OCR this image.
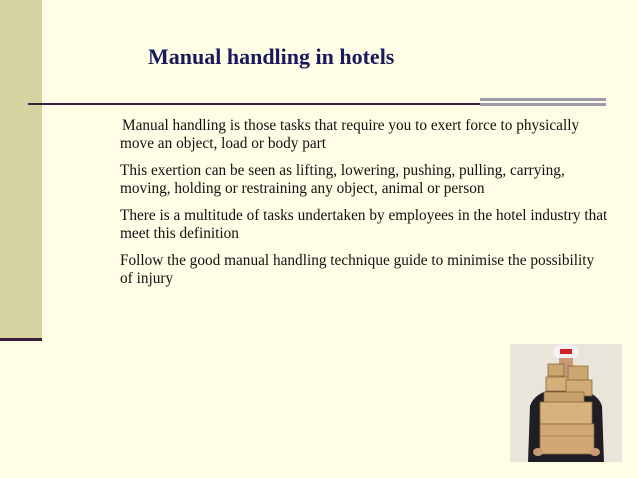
Manual handling in hotels

Manual handling is those tasks that require you to exert force to physically move an object, load or body part

This exertion can be seen as lifting, lowering, pushing, pulling, carrying, moving, holding or restraining any object, animal or person

There is a multitude of tasks undertaken by employees in the hotel industry that meet this definition

Follow the good manual handling technique guide to minimise the possibility of injury
